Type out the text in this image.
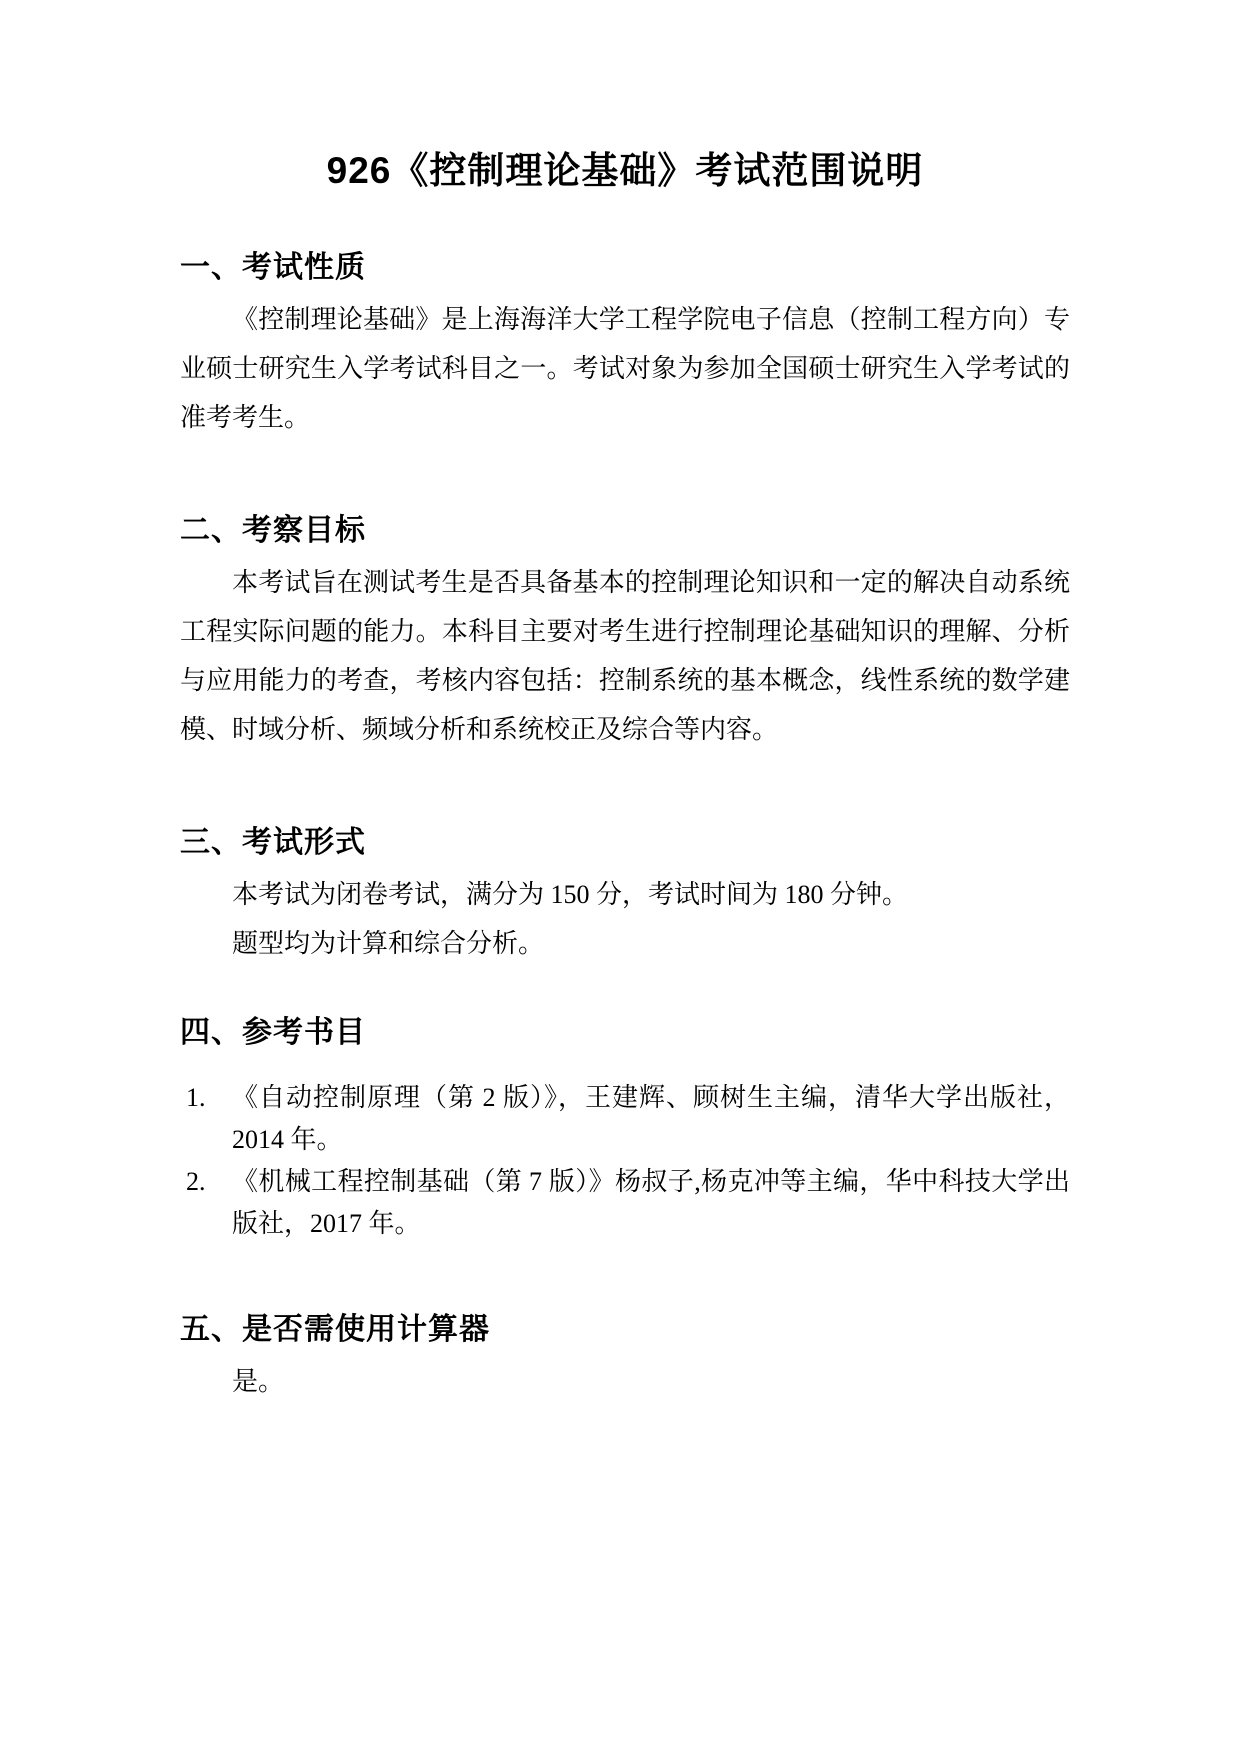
926《控制理论基础》考试范围说明
一、考试性质

《控制理论基础》是上海海洋大学工程学院电子信息（控制工程方向）专业硕士研究生入学考试科目之一。考试对象为参加全国硕士研究生入学考试的准考考生。

二、考察目标

本考试旨在测试考生是否具备基本的控制理论知识和一定的解决自动系统工程实际问题的能力。本科目主要对考生进行控制理论基础知识的理解、分析与应用能力的考查，考核内容包括：控制系统的基本概念，线性系统的数学建模、时域分析、频域分析和系统校正及综合等内容。

三、考试形式

本考试为闭卷考试，满分为 150 分，考试时间为 180 分钟。

题型均为计算和综合分析。

四、参考书目
1. 《自动控制原理（第 2 版）》，王建辉、顾树生主编，清华大学出版社，2014 年。
2. 《机械工程控制基础（第 7 版）》杨叔子,杨克冲等主编，华中科技大学出版社，2017 年。
五、是否需使用计算器

是。
